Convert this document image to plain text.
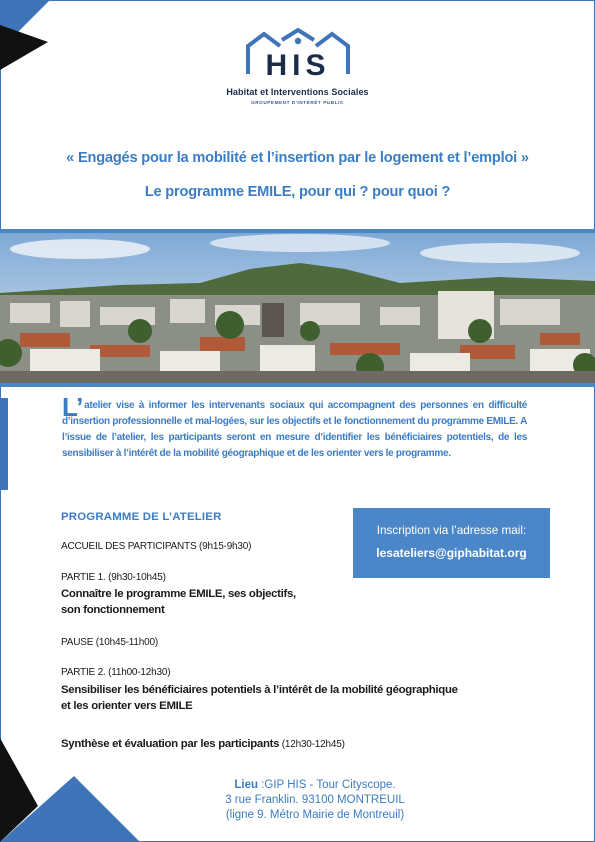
HIS
Habitat et Interventions Sociales
GROUPEMENT D'INTÉRÊT PUBLIC
« Engagés pour la mobilité et l’insertion par le logement et l’emploi »
Le programme EMILE, pour qui ? pour quoi ?
L’atelier vise à informer les intervenants sociaux qui accompagnent des personnes en difficulté d’insertion professionnelle et mal-logées, sur les objectifs et le fonctionnement du programme EMILE. A l’issue de l’atelier, les participants seront en mesure d’identifier les bénéficiaires potentiels, de les sensibiliser à l’intérêt de la mobilité géographique et de les orienter vers le programme.
PROGRAMME DE L’ATELIER
Inscription via l’adresse mail:
lesateliers@giphabitat.org
ACCUEIL DES PARTICIPANTS (9h15-9h30)
PARTIE 1. (9h30-10h45)
Connaître le programme EMILE, ses objectifs,
son fonctionnement
PAUSE (10h45-11h00)
PARTIE 2. (11h00-12h30)
Sensibiliser les bénéficiaires potentiels à l’intérêt de la mobilité géographique
et les orienter vers EMILE
Synthèse et évaluation par les participants (12h30-12h45)
Lieu :GIP HIS - Tour Cityscope.
3 rue Franklin. 93100 MONTREUIL
(ligne 9. Métro Mairie de Montreuil)
